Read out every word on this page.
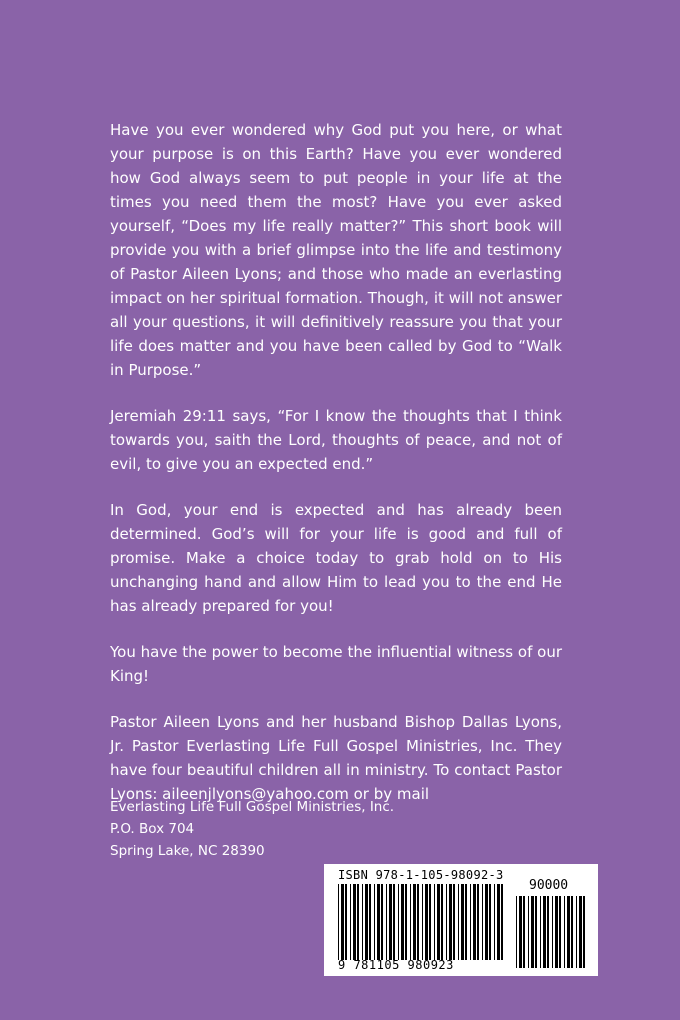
Have you ever wondered why God put you here, or what your purpose is on this Earth? Have you ever wondered how God always seem to put people in your life at the times you need them the most? Have you ever asked yourself, “Does my life really matter?” This short book will provide you with a brief glimpse into the life and testimony of Pastor Aileen Lyons; and those who made an everlasting impact on her spiritual formation. Though, it will not answer all your questions, it will definitively reassure you that your life does matter and you have been called by God to “Walk in Purpose.”

Jeremiah 29:11 says, “For I know the thoughts that I think towards you, saith the Lord, thoughts of peace, and not of evil, to give you an expected end.”

In God, your end is expected and has already been determined. God’s will for your life is good and full of promise. Make a choice today to grab hold on to His unchanging hand and allow Him to lead you to the end He has already prepared for you!

You have the power to become the influential witness of our King!

Pastor Aileen Lyons and her husband Bishop Dallas Lyons, Jr. Pastor Everlasting Life Full Gospel Ministries, Inc. They have four beautiful children all in ministry. To contact Pastor Lyons: aileenjlyons@yahoo.com or by mail

Everlasting Life Full Gospel Ministries, Inc.
P.O. Box 704
Spring Lake, NC 28390
ISBN 978-1-105-98092-3
90000
9 781105 980923
